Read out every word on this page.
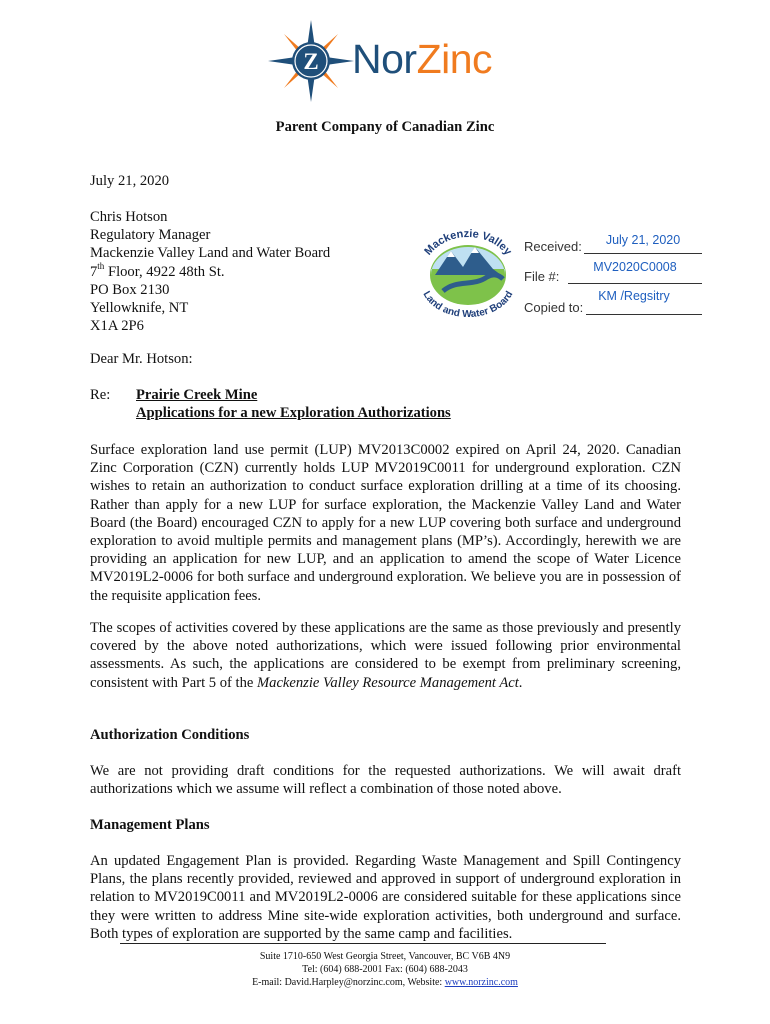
Z NorZinc
Parent Company of Canadian Zinc
July 21, 2020
Chris Hotson
Regulatory Manager
Mackenzie Valley Land and Water Board
7th Floor, 4922 48th St.
PO Box 2130
Yellowknife, NT
X1A 2P6
Mackenzie Valley
Land and Water Board
Received:	July 21, 2020
File #:
MV2020C0008
Copied to:
KM /Regsitry
Dear Mr. Hotson:
Re: Prairie Creek Mine
Applications for a new Exploration Authorizations
Surface exploration land use permit (LUP) MV2013C0002 expired on April 24, 2020. Canadian Zinc Corporation (CZN) currently holds LUP MV2019C0011 for underground exploration. CZN wishes to retain an authorization to conduct surface exploration drilling at a time of its choosing. Rather than apply for a new LUP for surface exploration, the Mackenzie Valley Land and Water Board (the Board) encouraged CZN to apply for a new LUP covering both surface and underground exploration to avoid multiple permits and management plans (MP’s). Accordingly, herewith we are providing an application for new LUP, and an application to amend the scope of Water Licence MV2019L2-0006 for both surface and underground exploration. We believe you are in possession of the requisite application fees.
The scopes of activities covered by these applications are the same as those previously and presently covered by the above noted authorizations, which were issued following prior environmental assessments. As such, the applications are considered to be exempt from preliminary screening, consistent with Part 5 of the Mackenzie Valley Resource Management Act.
Authorization Conditions
We are not providing draft conditions for the requested authorizations. We will await draft authorizations which we assume will reflect a combination of those noted above.
Management Plans
An updated Engagement Plan is provided. Regarding Waste Management and Spill Contingency Plans, the plans recently provided, reviewed and approved in support of underground exploration in relation to MV2019C0011 and MV2019L2-0006 are considered suitable for these applications since they were written to address Mine site-wide exploration activities, both underground and surface. Both types of exploration are supported by the same camp and facilities.
Suite 1710-650 West Georgia Street, Vancouver, BC V6B 4N9
Tel: (604) 688-2001 Fax: (604) 688-2043
E-mail: David.Harpley@norzinc.com, Website: www.norzinc.com
